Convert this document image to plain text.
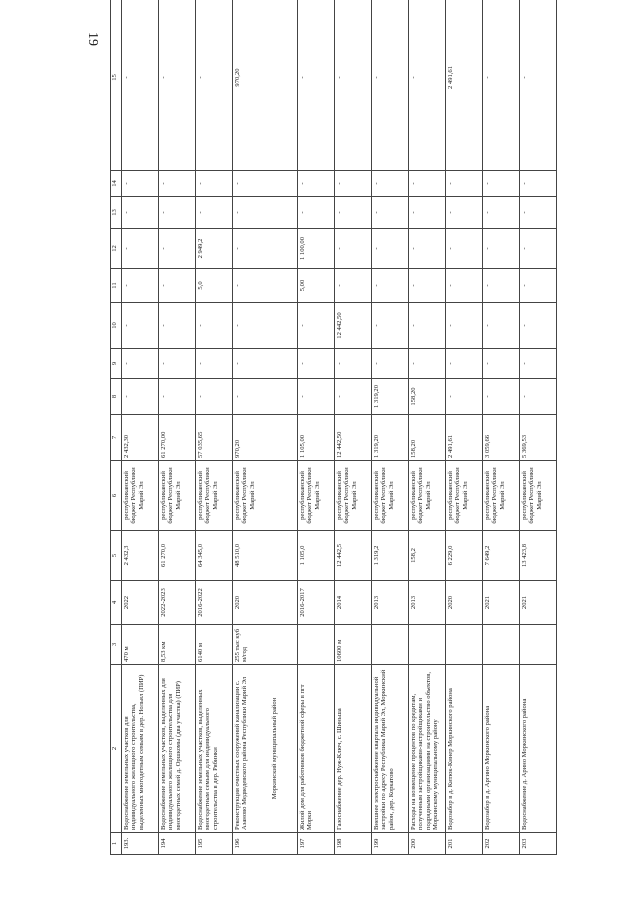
19
1	2	3	4	5	6	7	8	9	10	11	12	13	14	15
193.	Водоснабжение земельных участков для индивидуального жилищного строительства, выделенных многодетным семьям в дер. Нольял (ПИР)	470 м	2022	2 432,3	республиканский бюджет Республики Марий Эл	2 432,30	-	-	-	-	-	-	-	-
194	Водоснабжение земельных участков, выделенных для индивидуального жилищного строительства для многодетных семей д. Оршкомы (два участка) (ПИР)	8,53 км	2022-2023	61 270,0	республиканский бюджет Республики Марий Эл	61 270,00	-	-	-	-	-	-	-	-
195	Водоснабжение земельных участков, выделенных многодетным семьям для индивидуального строительства в дер. Рябинки	6140 м	2016-2022	64 345,0	республиканский бюджет Республики Марий Эл	57 035,65	-	-	-	5,0	2 949,2	-	-	-
196	Реконструкция очистных сооружений канализации с. Азаново Медведевского района Республики Марий Эл Моркинский муниципальный район	255 тыс куб м/год	2020	48 510,0	республиканский бюджет Республики Марий Эл	970,20	-	-	-	-	-	-	-	970,20
197	Жилой дом для работников бюджетной сферы в пгт Морки		2016-2017	1 105,0	республиканский бюджет Республики Марий Эл	1 105,00	-	-	-	5,00	1 100,00	-	-	-
198	Газоснабжение дер. Нуж-Ключ, с. Шиньша	10600 м	2014	12 442,5	республиканский бюджет Республики Марий Эл	12 442,50	-	-	12 442,50	-	-	-	-	-
199	Внешнее электроснабжение квартала индивидуальной застройки по адресу Республика Марий Эл, Моркинский район, дер. Коркатово		2013	1 319,2	республиканский бюджет Республики Марий Эл	1 319,20	1 319,20	-	-	-	-	-	-	-
200	Расходы на возмещение процентов по кредитам, полученным застройщиками-застройщиками и подрядными организациями на строительство объектов, Моркинскому муниципальному району		2013	158,2	республиканский бюджет Республики Марий Эл	158,20	158,20	-	-	-	-	-	-	-
201	Водозабор в д. Китюк-Кинер Моркинского района		2020	6 229,0	республиканский бюджет Республики Марий Эл	2 491,61	-	-	-	-	-	-	-	2 491,61
202	Водозабор в д. Аргино Моркинского района		2021	7 649,2	республиканский бюджет Республики Марий Эл	3 059,66	-	-	-	-	-	-	-	-
203	Водоснабжение д. Арино Моркинского района		2021	13 423,8	республиканский бюджет Республики Марий Эл	5 369,53	-	-	-	-	-	-	-	-
